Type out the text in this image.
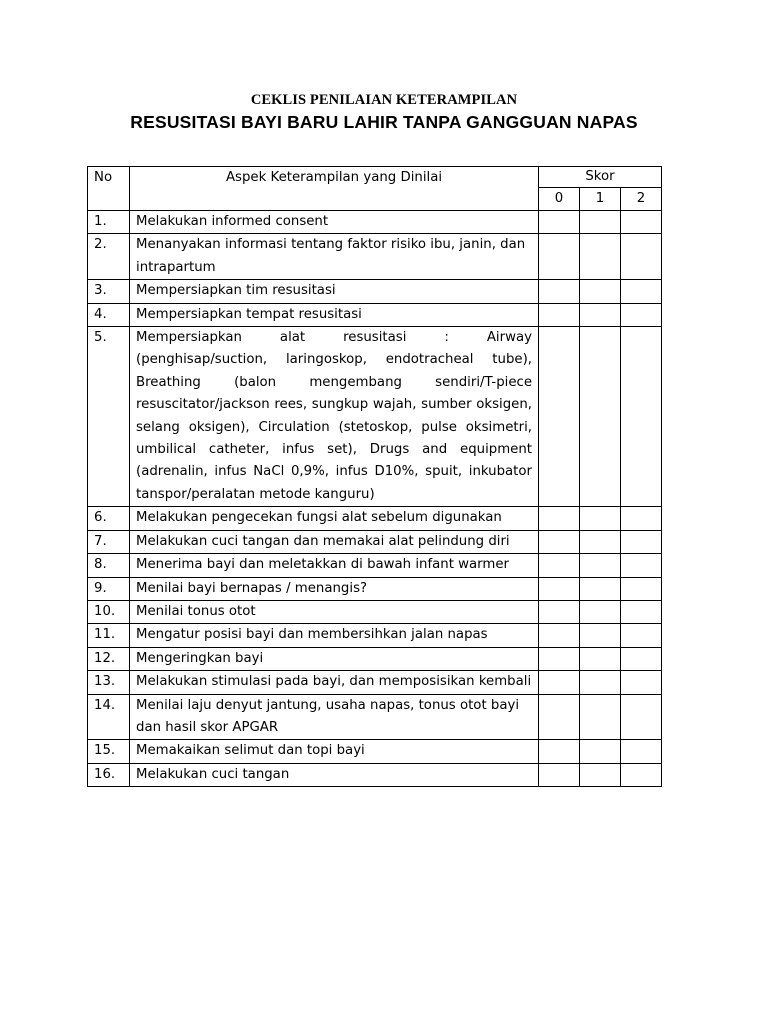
CEKLIS PENILAIAN KETERAMPILAN
RESUSITASI BAYI BARU LAHIR TANPA GANGGUAN NAPAS
No	Aspek Keterampilan yang Dinilai	Skor		
		0	1	2
1.	Melakukan informed consent			
2.	Menanyakan informasi tentang faktor risiko ibu, janin, dan intrapartum			
3.	Mempersiapkan tim resusitasi			
4.	Mempersiapkan tempat resusitasi			
5.	Mempersiapkan alat resusitasi : Airway (penghisap/suction, laringoskop, endotracheal tube), Breathing (balon mengembang sendiri/T-piece resuscitator/jackson rees, sungkup wajah, sumber oksigen, selang oksigen), Circulation (stetoskop, pulse oksimetri, umbilical catheter, infus set), Drugs and equipment (adrenalin, infus NaCl 0,9%, infus D10%, spuit, inkubator tanspor/peralatan metode kanguru)			
6.	Melakukan pengecekan fungsi alat sebelum digunakan			
7.	Melakukan cuci tangan dan memakai alat pelindung diri			
8.	Menerima bayi dan meletakkan di bawah infant warmer			
9.	Menilai bayi bernapas / menangis?			
10.	Menilai tonus otot			
11.	Mengatur posisi bayi dan membersihkan jalan napas			
12.	Mengeringkan bayi			
13.	Melakukan stimulasi pada bayi, dan memposisikan kembali			
14.	Menilai laju denyut jantung, usaha napas, tonus otot bayi dan hasil skor APGAR			
15.	Memakaikan selimut dan topi bayi			
16.	Melakukan cuci tangan			
